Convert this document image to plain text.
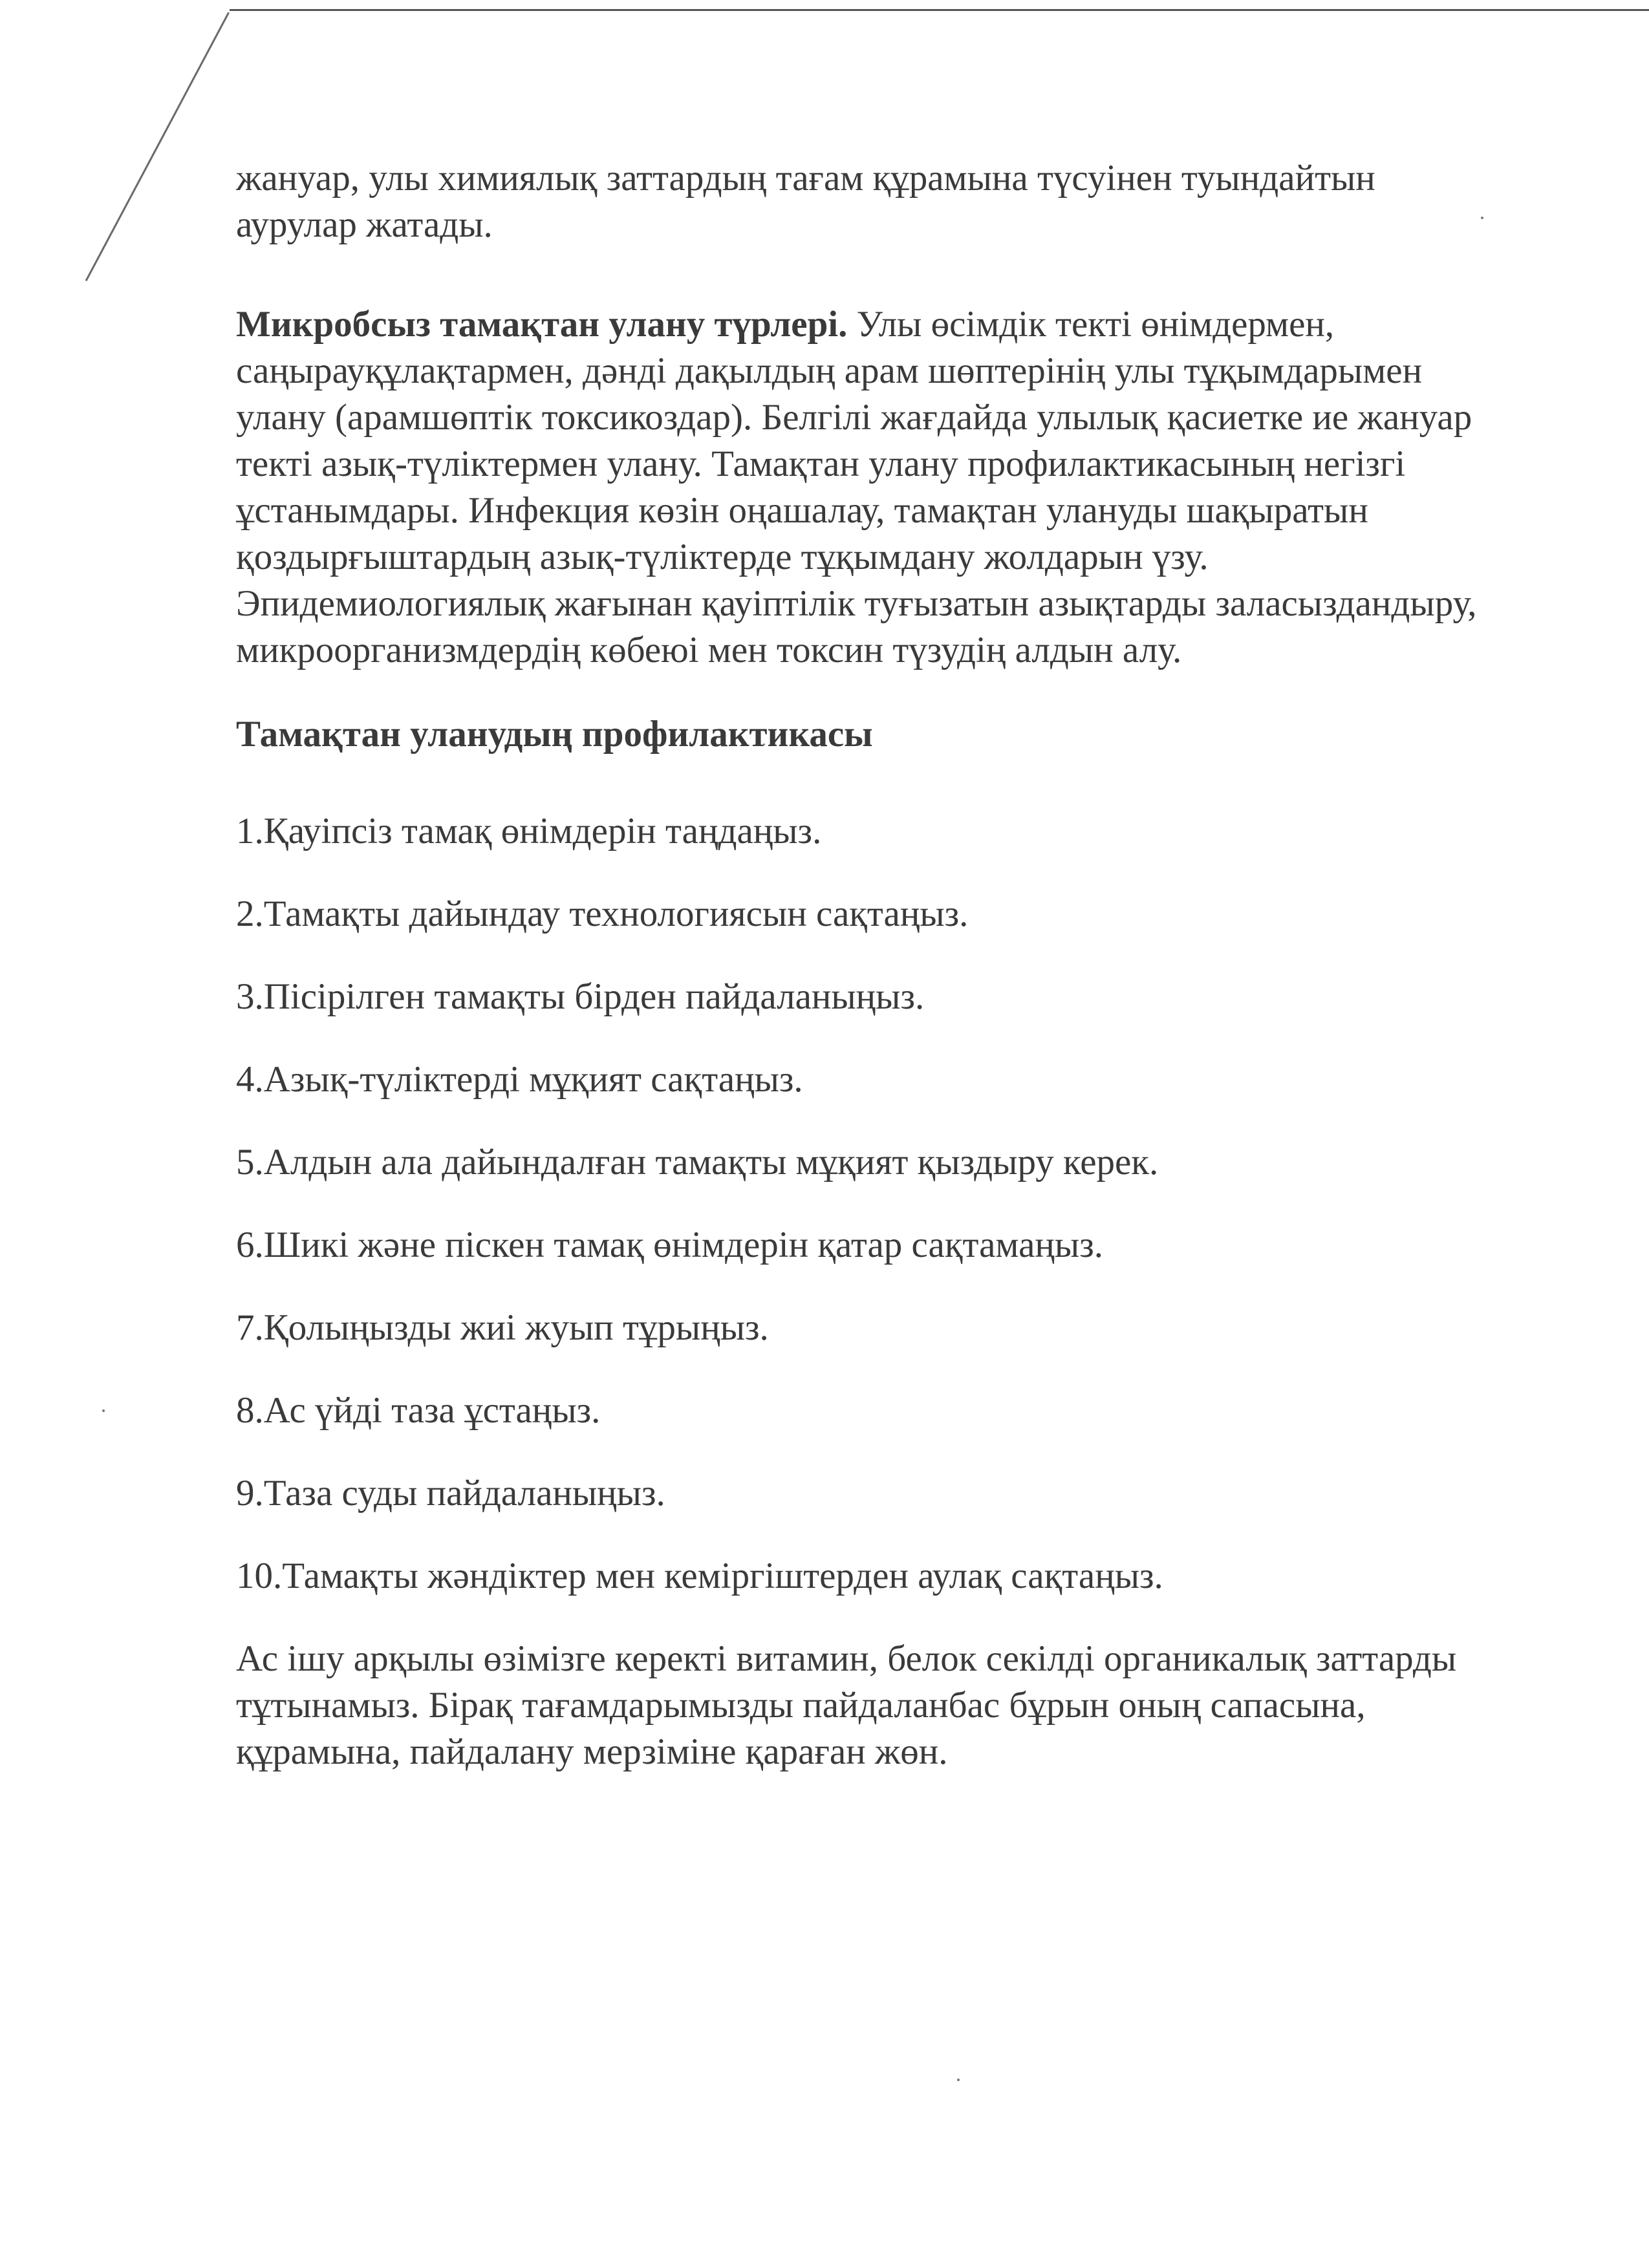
жануар, улы химиялық заттардың тағам құрамына түсуінен туындайтын
аурулар жатады.

Микробсыз тамақтан улану түрлері. Улы өсімдік текті өнімдермен,
саңырауқұлақтармен, дәнді дақылдың арам шөптерінің улы тұқымдарымен
улану (арамшөптік токсикоздар). Белгілі жағдайда улылық қасиетке ие жануар
текті азық-түліктермен улану. Тамақтан улану профилактикасының негізгі
ұстанымдары. Инфекция көзін оңашалау, тамақтан улануды шақыратын
қоздырғыштардың азық-түліктерде тұқымдану жолдарын үзу.
Эпидемиологиялық жағынан қауіптілік туғызатын азықтарды заласыздандыру,
микроорганизмдердің көбеюі мен токсин түзудің алдын алу.

Тамақтан уланудың профилактикасы

1.Қауіпсіз тамақ өнімдерін таңдаңыз.

2.Тамақты дайындау технологиясын сақтаңыз.

3.Пісірілген тамақты бірден пайдаланыңыз.

4.Азық-түліктерді мұқият сақтаңыз.

5.Алдын ала дайындалған тамақты мұқият қыздыру керек.

6.Шикі және піскен тамақ өнімдерін қатар сақтамаңыз.

7.Қолыңызды жиі жуып тұрыңыз.

8.Ас үйді таза ұстаңыз.

9.Таза суды пайдаланыңыз.

10.Тамақты жәндіктер мен кеміргіштерден аулақ сақтаңыз.

Ас ішу арқылы өзімізге керекті витамин, белок секілді органикалық заттарды
тұтынамыз. Бірақ тағамдарымызды пайдаланбас бұрын оның сапасына,
құрамына, пайдалану мерзіміне қараған жөн.
